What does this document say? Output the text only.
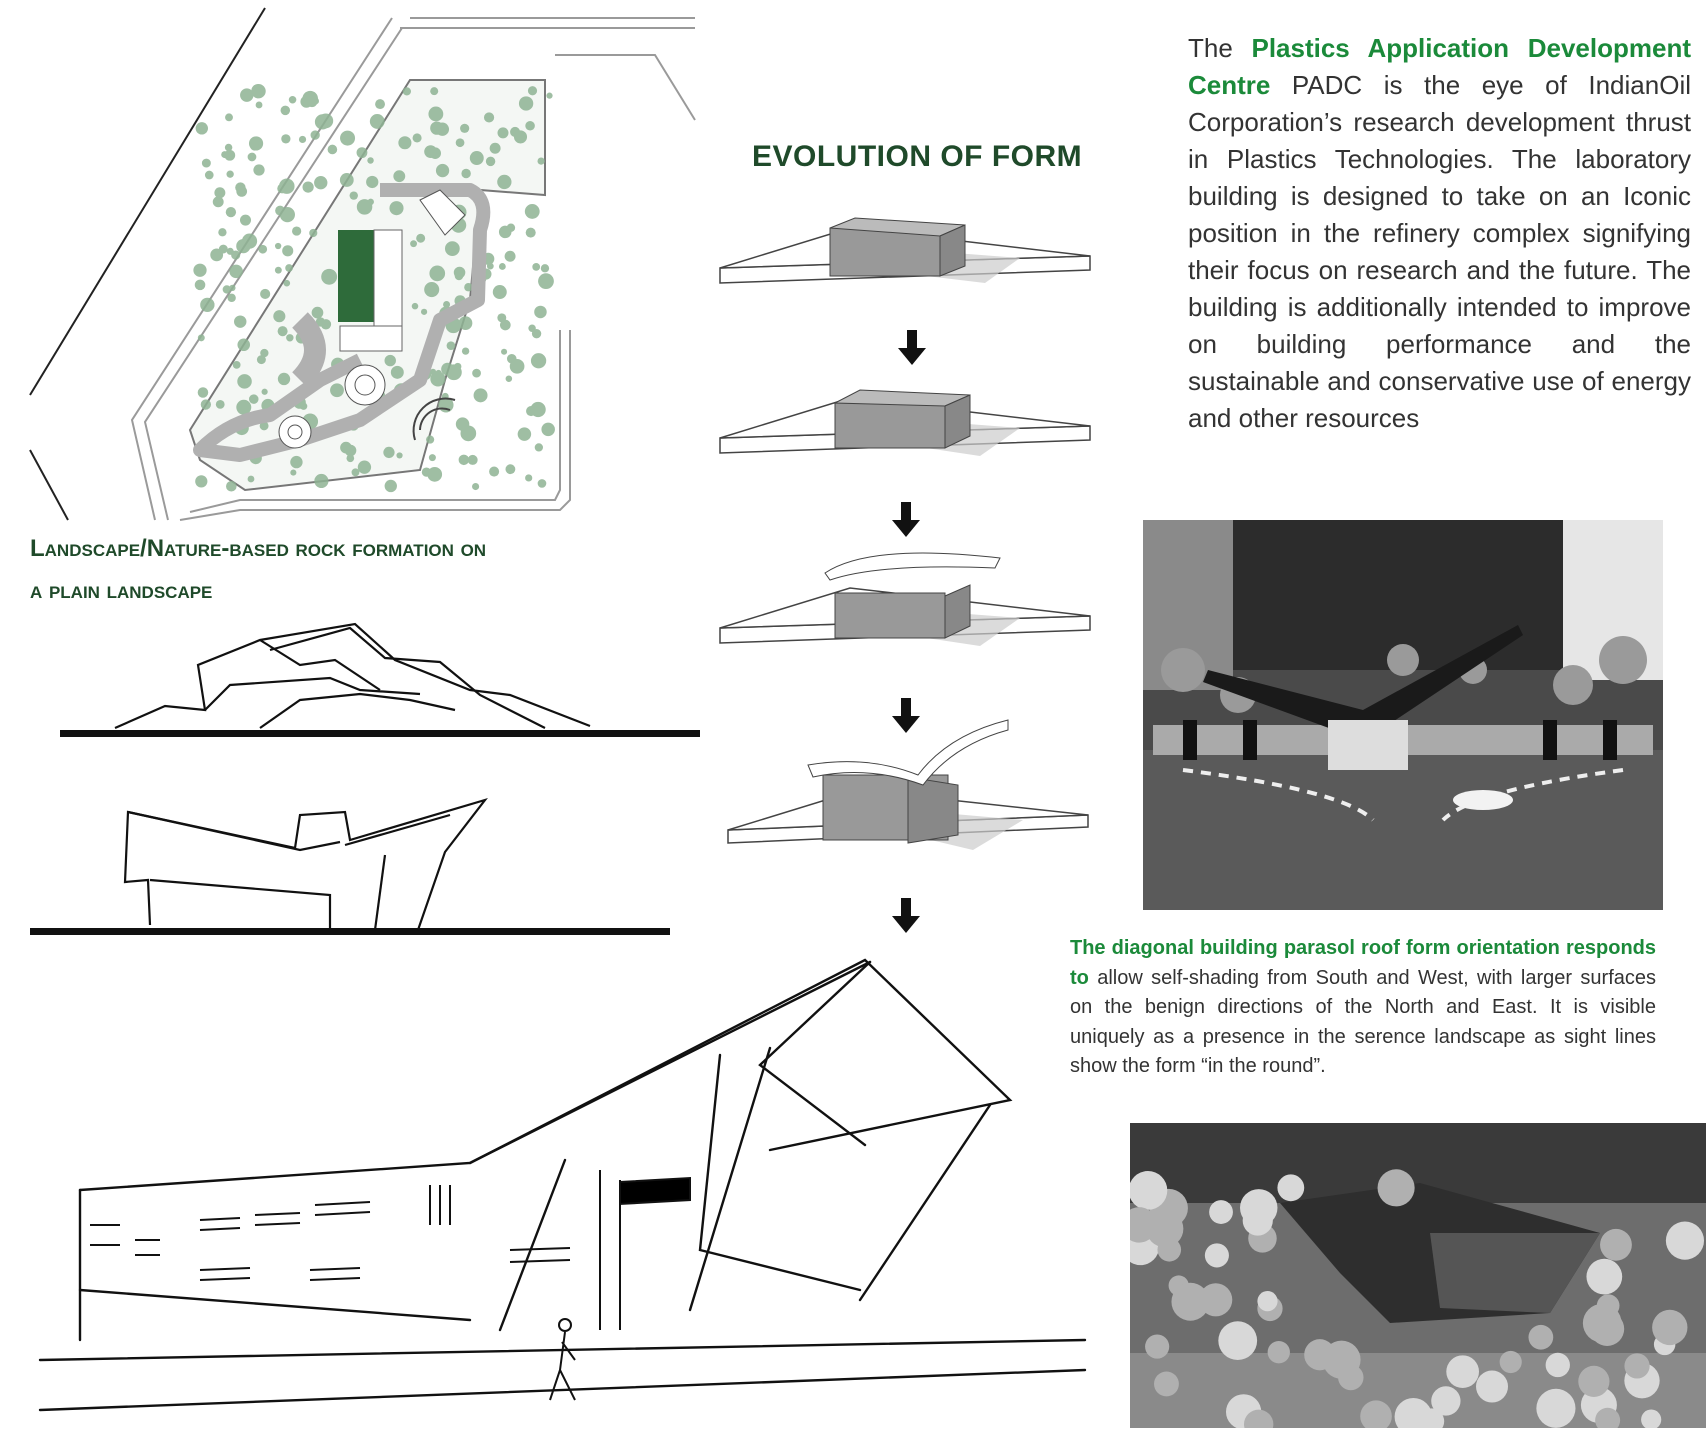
Landscape/Nature-based rock formation on
a plain landscape
EVOLUTION OF FORM
The Plastics Application Development Centre PADC is the eye of IndianOil Corporation’s research development thrust in Plastics Technologies. The laboratory building is designed to take on an Iconic position in the refinery complex signifying their focus on research and the future. The building is additionally intended to improve on building performance and the sustainable and conservative use of energy and other resources
The diagonal building parasol roof form orientation responds to allow self-shading from South and West, with larger surfaces on the benign directions of the North and East. It is visible uniquely as a presence in the serence landscape as sight lines show the form “in the round”.
